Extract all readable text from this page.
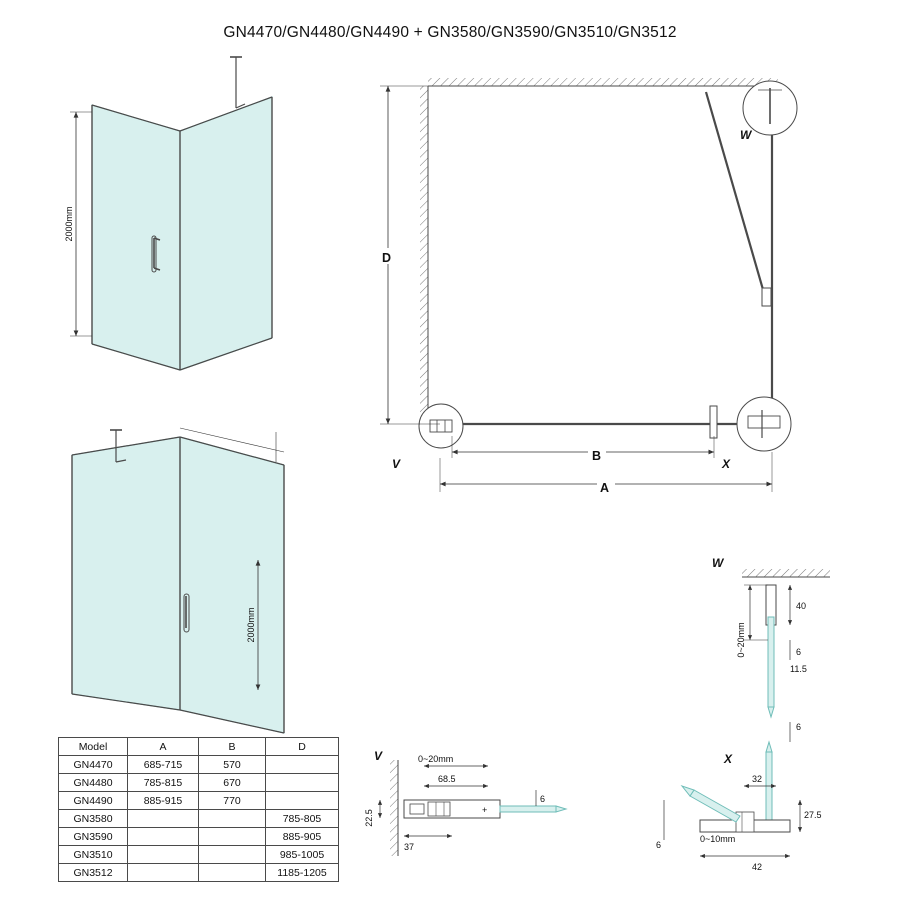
GN4470/GN4480/GN4490 + GN3580/GN3590/GN3510/GN3512
2000mm
2000mm
W
V	X
D
B
A
W
40
6
11.5
0~20mm
V
+
0~20mm
68.5
6
37
22.5
X
6
32
27.5
6
0~10mm
42
Model	A	B	D
GN4470	685-715	570	
GN4480	785-815	670	
GN4490	885-915	770	
GN3580			785-805
GN3590			885-905
GN3510			985-1005
GN3512			1185-1205
